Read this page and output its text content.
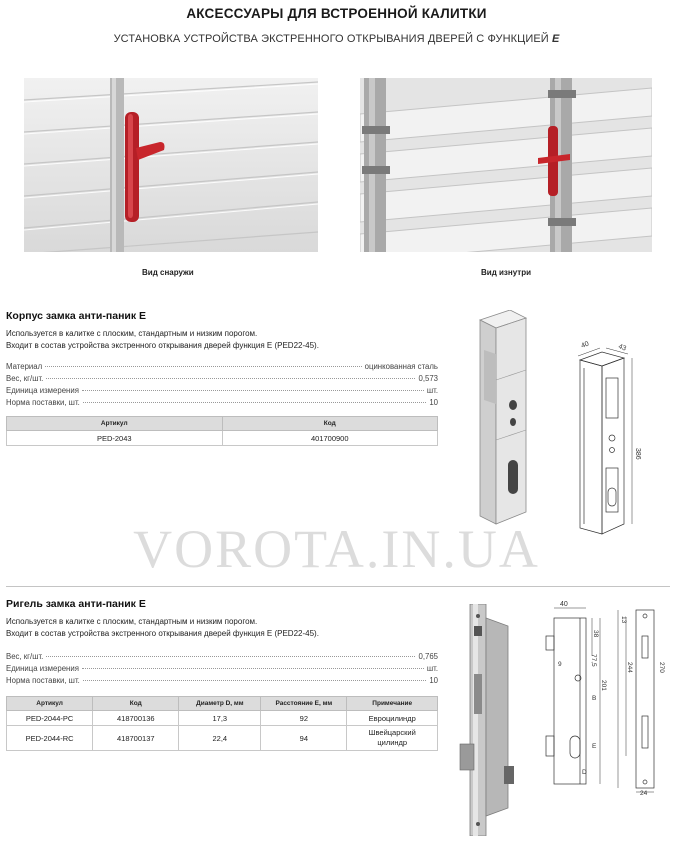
АКСЕССУАРЫ ДЛЯ ВСТРОЕННОЙ КАЛИТКИ
УСТАНОВКА УСТРОЙСТВА ЭКСТРЕННОГО ОТКРЫВАНИЯ ДВЕРЕЙ С ФУНКЦИЕЙ E
Вид снаружи	Вид изнутри
Корпус замка анти-паник E
Используется в калитке с плоским, стандартным и низким порогом.
Входит в состав устройства экстренного открывания дверей функция Е (PED22-45).
Материал	оцинкованная сталь
Вес, кг/шт.	0,573
Единица измерения	шт.
Норма поставки, шт.	10
Артикул	Код
PED-2043	401700900
40	43
386
VOROTA.IN.UA
Ригель замка анти-паник E
Используется в калитке с плоским, стандартным и низким порогом.
Входит в состав устройства экстренного открывания дверей функция Е (PED22-45).
Вес, кг/шт.	0,765
Единица измерения	шт.
Норма поставки, шт.	10
Артикул	Код	Диаметр D, мм	Расстояние E, мм	Примечание
PED-2044-PC	418700136	17,3	92	Евроцилиндр
PED-2044-RC	418700137	22,4	94	Швейцарский цилиндр
40
38
9	77,5
201
B
E
D
13
244	270
24
